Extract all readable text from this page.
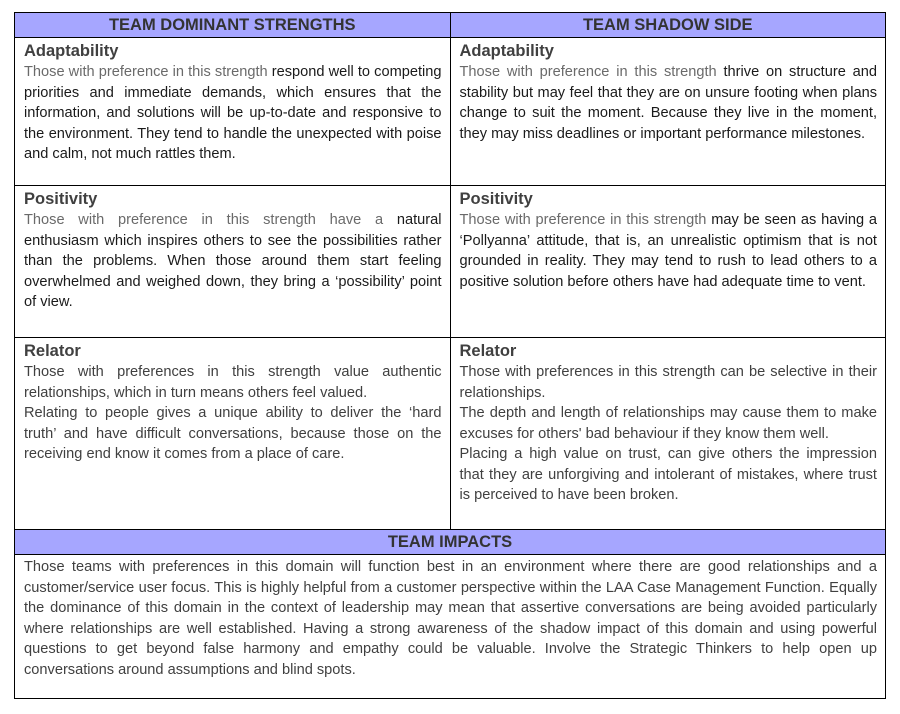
TEAM DOMINANT STRENGTHS	TEAM SHADOW SIDE
Adaptability
Those with preference in this strength respond well to competing priorities and immediate demands, which ensures that the information, and solutions will be up-to-date and responsive to the environment. They tend to handle the unexpected with poise and calm, not much rattles them.
Adaptability
Those with preference in this strength thrive on structure and stability but may feel that they are on unsure footing when plans change to suit the moment. Because they live in the moment, they may miss deadlines or important performance milestones.
Positivity
Those with preference in this strength have a natural enthusiasm which inspires others to see the possibilities rather than the problems. When those around them start feeling overwhelmed and weighed down, they bring a ‘possibility’ point of view.
Positivity
Those with preference in this strength may be seen as having a ‘Pollyanna’ attitude, that is, an unrealistic optimism that is not grounded in reality. They may tend to rush to lead others to a positive solution before others have had adequate time to vent.
Relator
Those with preferences in this strength value authentic relationships, which in turn means others feel valued.
Relating to people gives a unique ability to deliver the ‘hard truth’ and have difficult conversations, because those on the receiving end know it comes from a place of care.
Relator
Those with preferences in this strength can be selective in their relationships.
The depth and length of relationships may cause them to make excuses for others' bad behaviour if they know them well.
Placing a high value on trust, can give others the impression that they are unforgiving and intolerant of mistakes, where trust is perceived to have been broken.
TEAM IMPACTS
Those teams with preferences in this domain will function best in an environment where there are good relationships and a customer/service user focus. This is highly helpful from a customer perspective within the LAA Case Management Function. Equally the dominance of this domain in the context of leadership may mean that assertive conversations are being avoided particularly where relationships are well established. Having a strong awareness of the shadow impact of this domain and using powerful questions to get beyond false harmony and empathy could be valuable. Involve the Strategic Thinkers to help open up conversations around assumptions and blind spots.
